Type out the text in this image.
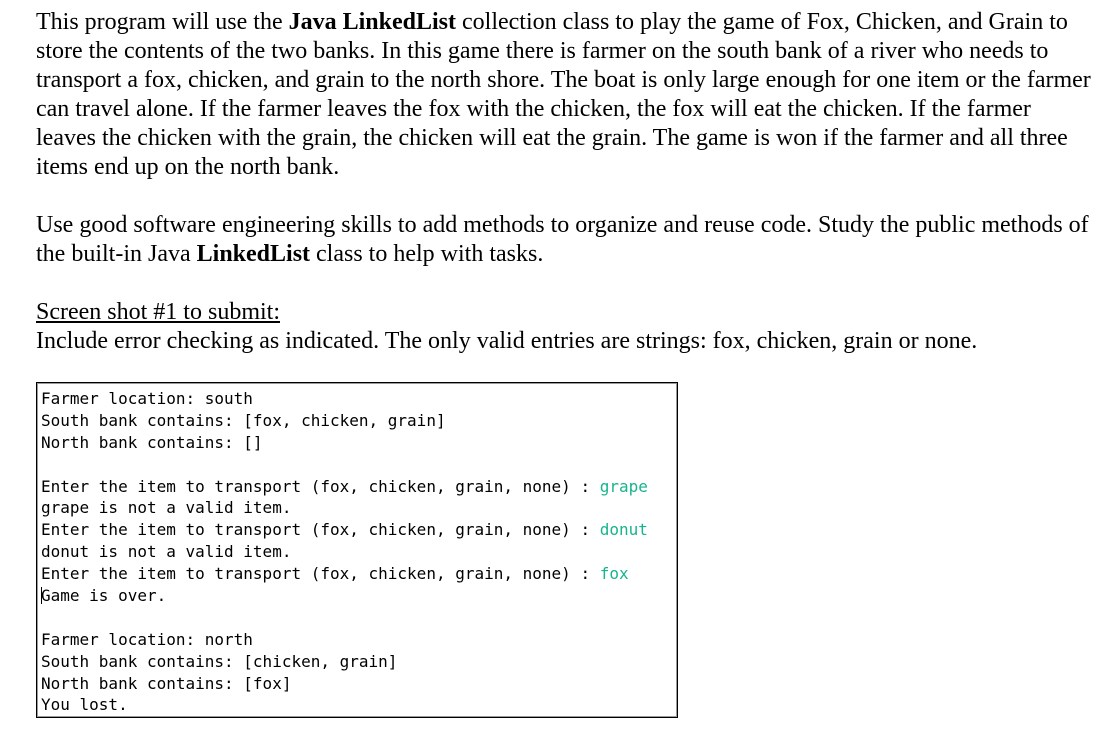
This program will use the Java LinkedList collection class to play the game of Fox, Chicken, and Grain to store the contents of the two banks. In this game there is farmer on the south bank of a river who needs to transport a fox, chicken, and grain to the north shore. The boat is only large enough for one item or the farmer can travel alone. If the farmer leaves the fox with the chicken, the fox will eat the chicken. If the farmer leaves the chicken with the grain, the chicken will eat the grain. The game is won if the farmer and all three items end up on the north bank.

Use good software engineering skills to add methods to organize and reuse code. Study the public methods of the built-in Java LinkedList class to help with tasks.

Screen shot #1 to submit:
Include error checking as indicated. The only valid entries are strings: fox, chicken, grain or none.

Farmer location: south
South bank contains: [fox, chicken, grain]
North bank contains: []
Enter the item to transport (fox, chicken, grain, none) : grape
grape is not a valid item.
Enter the item to transport (fox, chicken, grain, none) : donut
donut is not a valid item.
Enter the item to transport (fox, chicken, grain, none) : fox
Game is over.
Farmer location: north
South bank contains: [chicken, grain]
North bank contains: [fox]
You lost.
